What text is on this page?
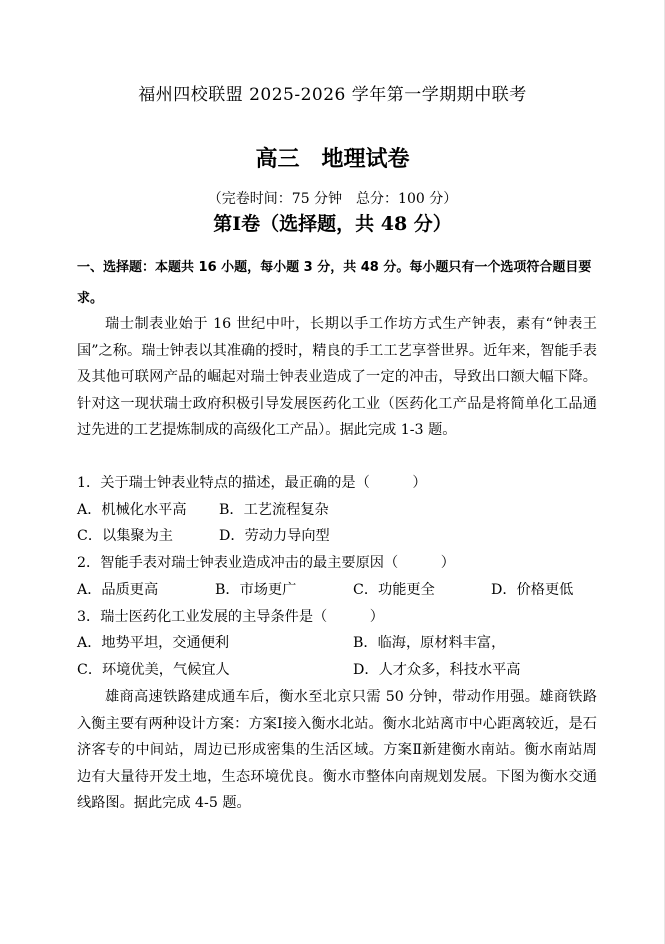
福州四校联盟 2025-2026 学年第一学期期中联考
高三　地理试卷
（完卷时间：75 分钟　总分：100 分）
第Ⅰ卷（选择题，共 48 分）
一、选择题：本题共 16 小题，每小题 3 分，共 48 分。每小题只有一个选项符合题目要求。
瑞士制表业始于 16 世纪中叶，长期以手工作坊方式生产钟表，素有“钟表王国”之称。瑞士钟表以其准确的授时，精良的手工工艺享誉世界。近年来，智能手表及其他可联网产品的崛起对瑞士钟表业造成了一定的冲击，导致出口额大幅下降。针对这一现状瑞士政府积极引导发展医药化工业（医药化工产品是将简单化工品通过先进的工艺提炼制成的高级化工产品）。据此完成 1-3 题。
1．关于瑞士钟表业特点的描述，最正确的是（　　　）
A．机械化水平高 B．工艺流程复杂
C．以集聚为主	D．劳动力导向型
2．智能手表对瑞士钟表业造成冲击的最主要原因（　　　）
A．品质更高	B．市场更广	C．功能更全	D．价格更低
3．瑞士医药化工业发展的主导条件是（　　　）
A．地势平坦，交通便利	B．临海，原材料丰富，
C．环境优美，气候宜人	D．人才众多，科技水平高
雄商高速铁路建成通车后，衡水至北京只需 50 分钟，带动作用强。雄商铁路入衡主要有两种设计方案：方案Ⅰ接入衡水北站。衡水北站离市中心距离较近，是石济客专的中间站，周边已形成密集的生活区域。方案Ⅱ新建衡水南站。衡水南站周边有大量待开发土地，生态环境优良。衡水市整体向南规划发展。下图为衡水交通线路图。据此完成 4-5 题。
